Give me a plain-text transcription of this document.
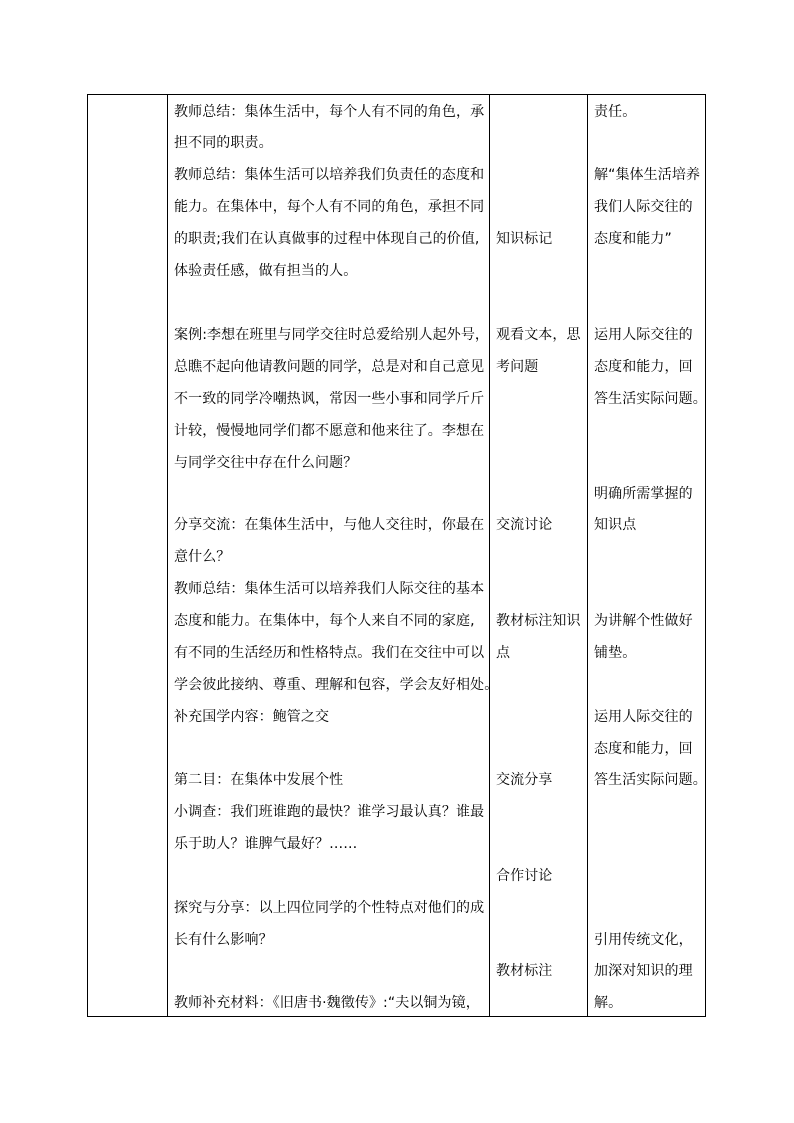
教师总结：集体生活中，每个人有不同的角色，承
担不同的职责。
教师总结：集体生活可以培养我们负责任的态度和
能力。在集体中，每个人有不同的角色，承担不同
的职责;我们在认真做事的过程中体现自己的价值,
体验责任感，做有担当的人。
案例:李想在班里与同学交往时总爱给别人起外号，
总瞧不起向他请教问题的同学，总是对和自己意见
不一致的同学冷嘲热讽，常因一些小事和同学斤斤
计较，慢慢地同学们都不愿意和他来往了。李想在
与同学交往中存在什么问题？
分享交流：在集体生活中，与他人交往时，你最在
意什么？
教师总结：集体生活可以培养我们人际交往的基本
态度和能力。在集体中，每个人来自不同的家庭,
有不同的生活经历和性格特点。我们在交往中可以
学会彼此接纳、尊重、理解和包容，学会友好相处。
补充国学内容：鲍管之交
第二目：在集体中发展个性
小调查：我们班谁跑的最快？谁学习最认真？谁最
乐于助人？谁脾气最好？……
探究与分享：以上四位同学的个性特点对他们的成
长有什么影响？
教师补充材料：《旧唐书·魏徵传》:“夫以铜为镜，
知识标记
观看文本，思
考问题
交流讨论
教材标注知识
点
交流分享
合作讨论
教材标注
责任。
解“集体生活培养
我们人际交往的
态度和能力”
运用人际交往的
态度和能力，回
答生活实际问题。
明确所需掌握的
知识点
为讲解个性做好
铺垫。
运用人际交往的
态度和能力，回
答生活实际问题。
引用传统文化，
加深对知识的理
解。
